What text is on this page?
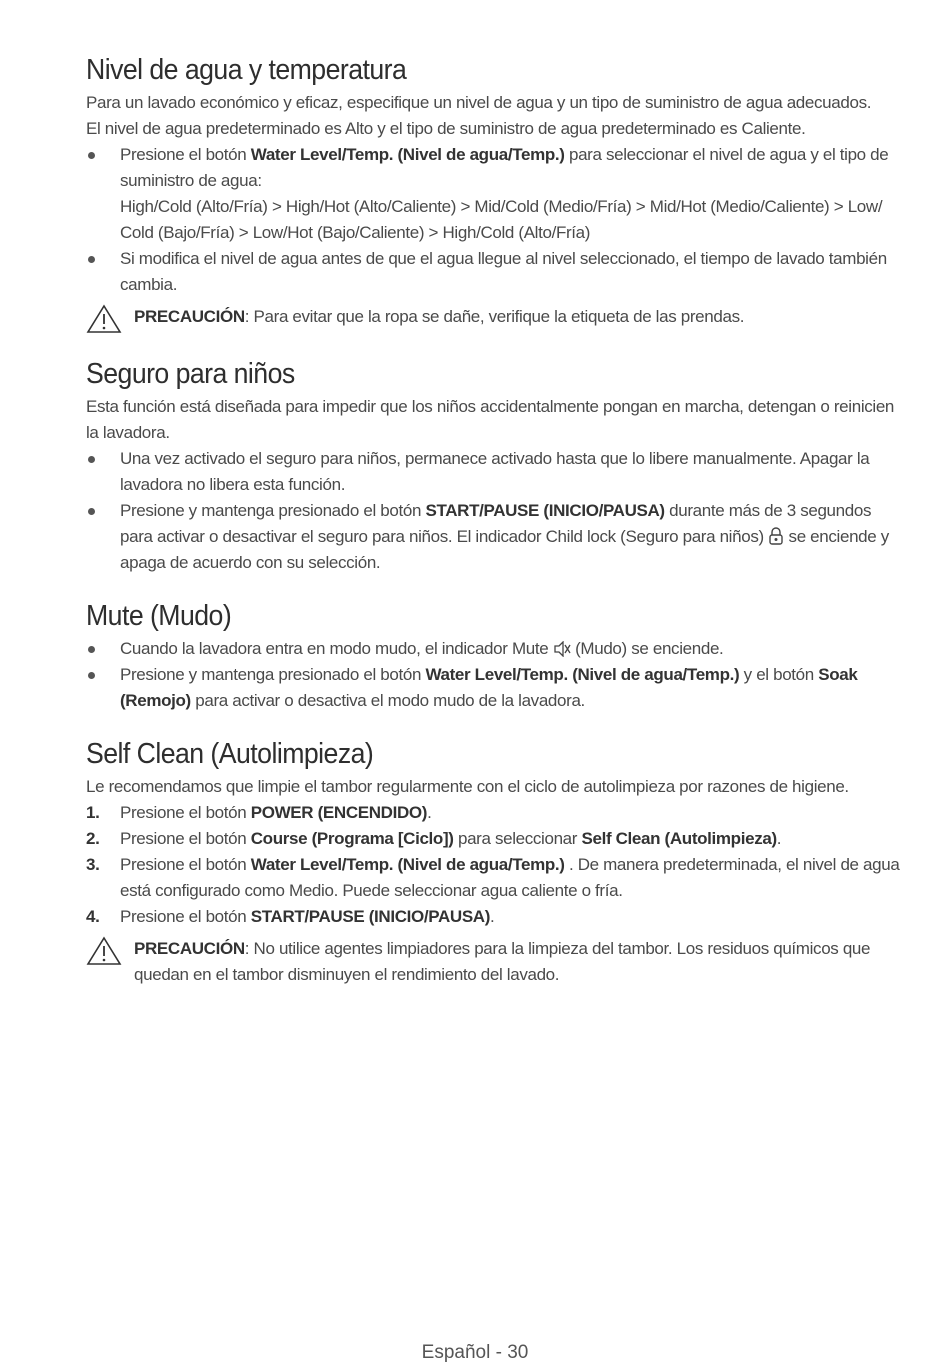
Nivel de agua y temperatura

Para un lavado económico y eficaz, especifique un nivel de agua y un tipo de suministro de agua adecuados.

El nivel de agua predeterminado es Alto y el tipo de suministro de agua predeterminado es Caliente.

Presione el botón Water Level/Temp. (Nivel de agua/Temp.) para seleccionar el nivel de agua y el tipo de suministro de agua:
High/Cold (Alto/Fría) > High/Hot (Alto/Caliente) > Mid/Cold (Medio/Fría) > Mid/Hot (Medio/Caliente) > Low/ Cold (Bajo/Fría) > Low/Hot (Bajo/Caliente) > High/Cold (Alto/Fría)
Si modifica el nivel de agua antes de que el agua llegue al nivel seleccionado, el tiempo de lavado también cambia.

PRECAUCIÓN: Para evitar que la ropa se dañe, verifique la etiqueta de las prendas.

Seguro para niños

Esta función está diseñada para impedir que los niños accidentalmente pongan en marcha, detengan o reinicien la lavadora.

Una vez activado el seguro para niños, permanece activado hasta que lo libere manualmente. Apagar la lavadora no libera esta función.
Presione y mantenga presionado el botón START/PAUSE (INICIO/PAUSA) durante más de 3 segundos para activar o desactivar el seguro para niños. El indicador Child lock (Seguro para niños)  se enciende y apaga de acuerdo con su selección.
Mute (Mudo)
Cuando la lavadora entra en modo mudo, el indicador Mute  (Mudo) se enciende.
Presione y mantenga presionado el botón Water Level/Temp. (Nivel de agua/Temp.) y el botón Soak (Remojo) para activar o desactiva el modo mudo de la lavadora.
Self Clean (Autolimpieza)

Le recomendamos que limpie el tambor regularmente con el ciclo de autolimpieza por razones de higiene.

1. Presione el botón POWER (ENCENDIDO).
2. Presione el botón Course (Programa [Ciclo]) para seleccionar Self Clean (Autolimpieza).
3. Presione el botón Water Level/Temp. (Nivel de agua/Temp.) . De manera predeterminada, el nivel de agua está configurado como Medio. Puede seleccionar agua caliente o fría.
4. Presione el botón START/PAUSE (INICIO/PAUSA).

PRECAUCIÓN: No utilice agentes limpiadores para la limpieza del tambor. Los residuos químicos que quedan en el tambor disminuyen el rendimiento del lavado.

Español - 30
